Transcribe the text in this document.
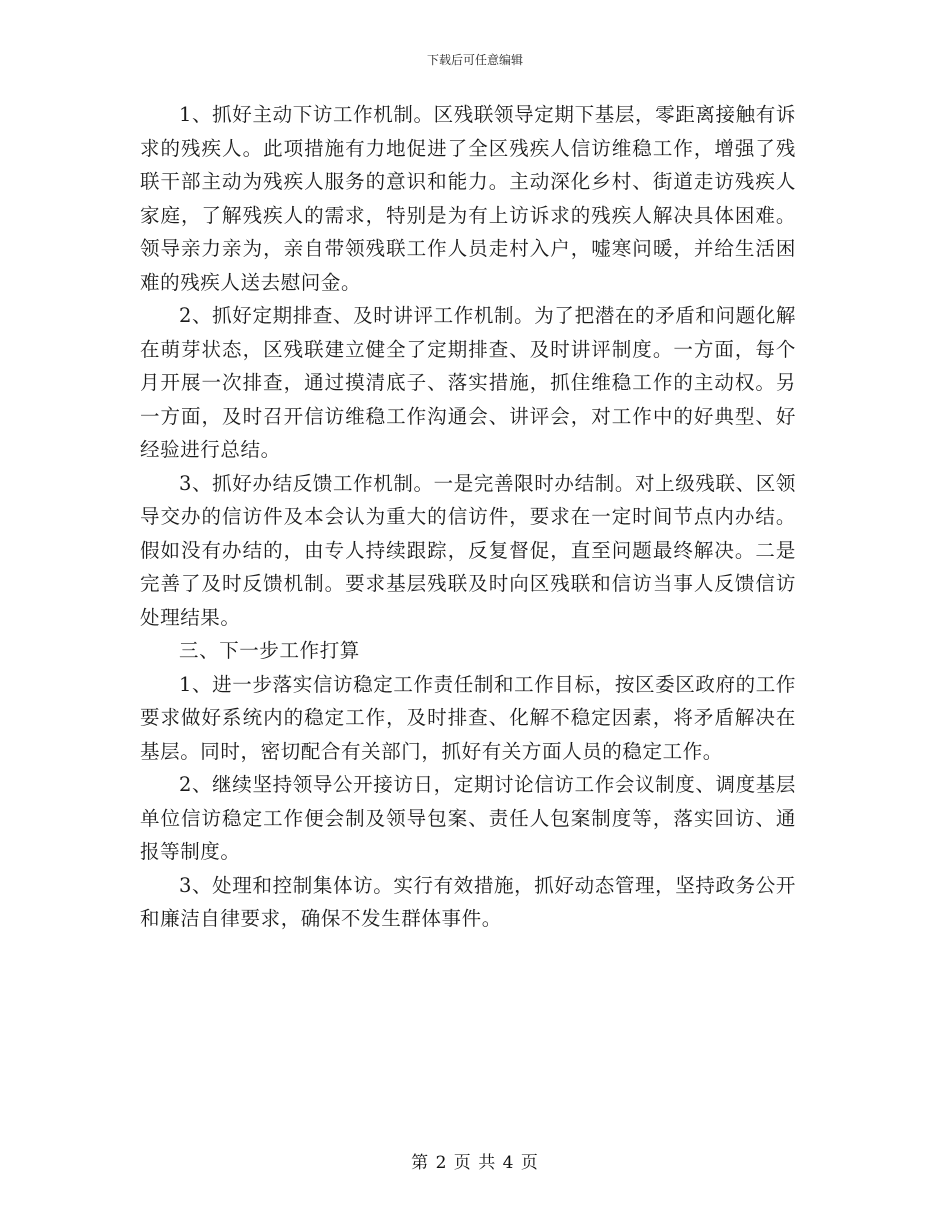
下载后可任意编辑

1、抓好主动下访工作机制。区残联领导定期下基层，零距离接触有诉求的残疾人。此项措施有力地促进了全区残疾人信访维稳工作，增强了残联干部主动为残疾人服务的意识和能力。主动深化乡村、街道走访残疾人家庭，了解残疾人的需求，特别是为有上访诉求的残疾人解决具体困难。领导亲力亲为，亲自带领残联工作人员走村入户，嘘寒问暖，并给生活困难的残疾人送去慰问金。

2、抓好定期排查、及时讲评工作机制。为了把潜在的矛盾和问题化解在萌芽状态，区残联建立健全了定期排查、及时讲评制度。一方面，每个月开展一次排查，通过摸清底子、落实措施，抓住维稳工作的主动权。另一方面，及时召开信访维稳工作沟通会、讲评会，对工作中的好典型、好经验进行总结。

3、抓好办结反馈工作机制。一是完善限时办结制。对上级残联、区领导交办的信访件及本会认为重大的信访件，要求在一定时间节点内办结。假如没有办结的，由专人持续跟踪，反复督促，直至问题最终解决。二是完善了及时反馈机制。要求基层残联及时向区残联和信访当事人反馈信访处理结果。

三、下一步工作打算

1、进一步落实信访稳定工作责任制和工作目标，按区委区政府的工作要求做好系统内的稳定工作，及时排查、化解不稳定因素，将矛盾解决在基层。同时，密切配合有关部门，抓好有关方面人员的稳定工作。

2、继续坚持领导公开接访日，定期讨论信访工作会议制度、调度基层单位信访稳定工作便会制及领导包案、责任人包案制度等，落实回访、通报等制度。

3、处理和控制集体访。实行有效措施，抓好动态管理，坚持政务公开和廉洁自律要求，确保不发生群体事件。

第 2 页 共 4 页
